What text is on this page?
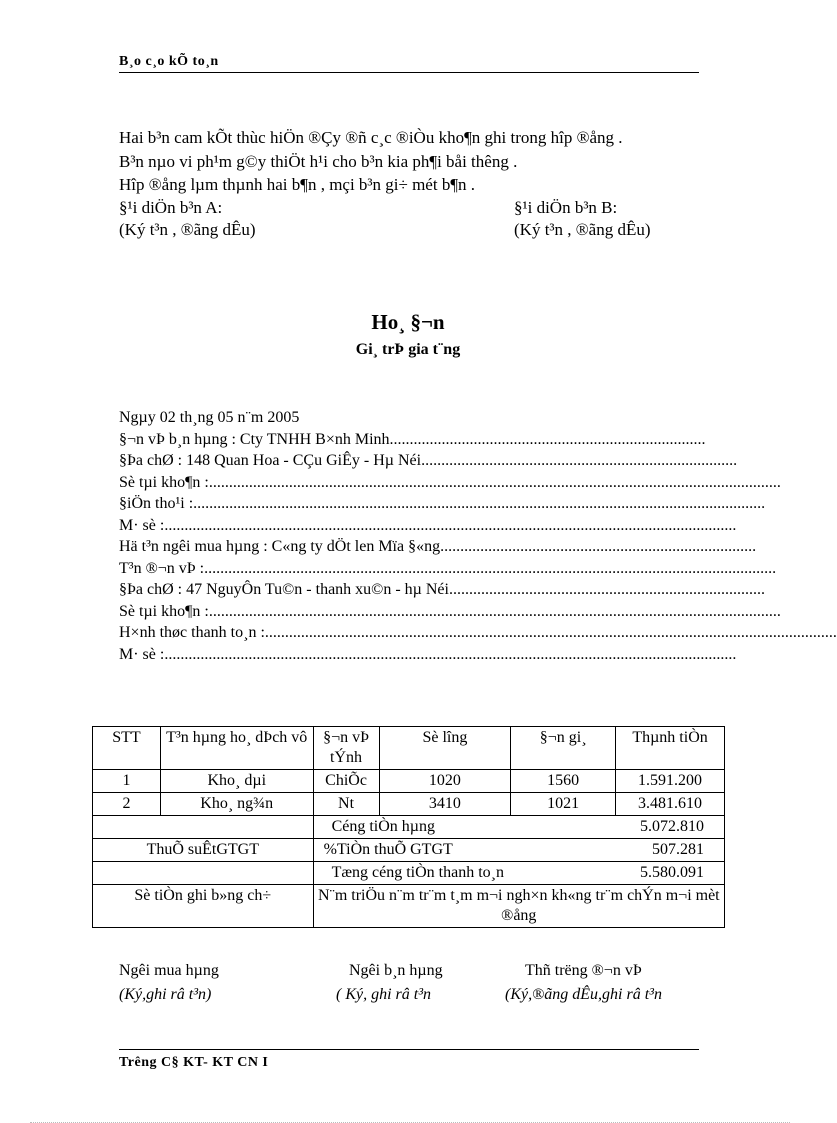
B¸o c¸o kÕ to¸n
Hai b³n cam kÕt thùc hiÖn ®Çy ®ñ c¸c ®iÒu kho¶n ghi trong hîp ®ång .
B³n nµo vi ph¹m g©y thiÖt h¹i cho b³n kia ph¶i båi thêng .
Hîp ®ång lµm thµnh hai b¶n , mçi b³n gi÷ mét b¶n .
§¹i diÖn b³n A:
(Ký t³n , ®ãng dÊu)
§¹i diÖn b³n B:
(Ký t³n , ®ãng dÊu)
Ho¸ §¬n
Gi¸ trÞ gia t¨ng
Ngµy 02 th¸ng 05 n¨m 2005
§¬n vÞ b¸n hµng : Cty TNHH B×nh Minh ...............................................................................
§Þa chØ : 148 Quan Hoa - CÇu GiÊy - Hµ Néi ...............................................................................
Sè tµi kho¶n : ...............................................................................................................................................
§iÖn tho¹i : ...............................................................................................................................................
M· sè : ...............................................................................................................................................
Hä t³n ngêi mua hµng : C«ng ty dÖt len Mïa §«ng ...............................................................................
T³n ®¬n vÞ : ...............................................................................................................................................
§Þa chØ : 47 NguyÔn Tu©n - thanh xu©n - hµ Néi ...............................................................................
Sè tµi kho¶n : ...............................................................................................................................................
H×nh thøc thanh to¸n : ...............................................................................................................................................
M· sè : ...............................................................................................................................................
STT	T³n hµng ho¸ dÞch vô	§¬n vÞ tÝnh	Sè lîng	§¬n gi¸	Thµnh tiÒn
1	Kho¸ dµi	ChiÕc	1020	1560	1.591.200
2	Kho¸ ng¾n	Nt	3410	1021	3.481.610

		Céng tiÒn hµng 5.072.810			

ThuÕ suÊtGTGT		%TiÒn thuÕ GTGT 507.281			

		Tæng céng tiÒn thanh to¸n 5.580.091			

Sè tiÒn ghi b»ng ch÷		N¨m triÖu n¨m tr¨m t¸m m¬i ngh×n kh«ng tr¨m chÝn m¬i mèt ®ång			
Ngêi mua hµng
(Ký,ghi râ t³n)
Ngêi b¸n hµng
( Ký, ghi râ t³n
Thñ trëng ®¬n vÞ
(Ký,®ãng dÊu,ghi râ t³n
Trêng C§ KT- KT CN I
